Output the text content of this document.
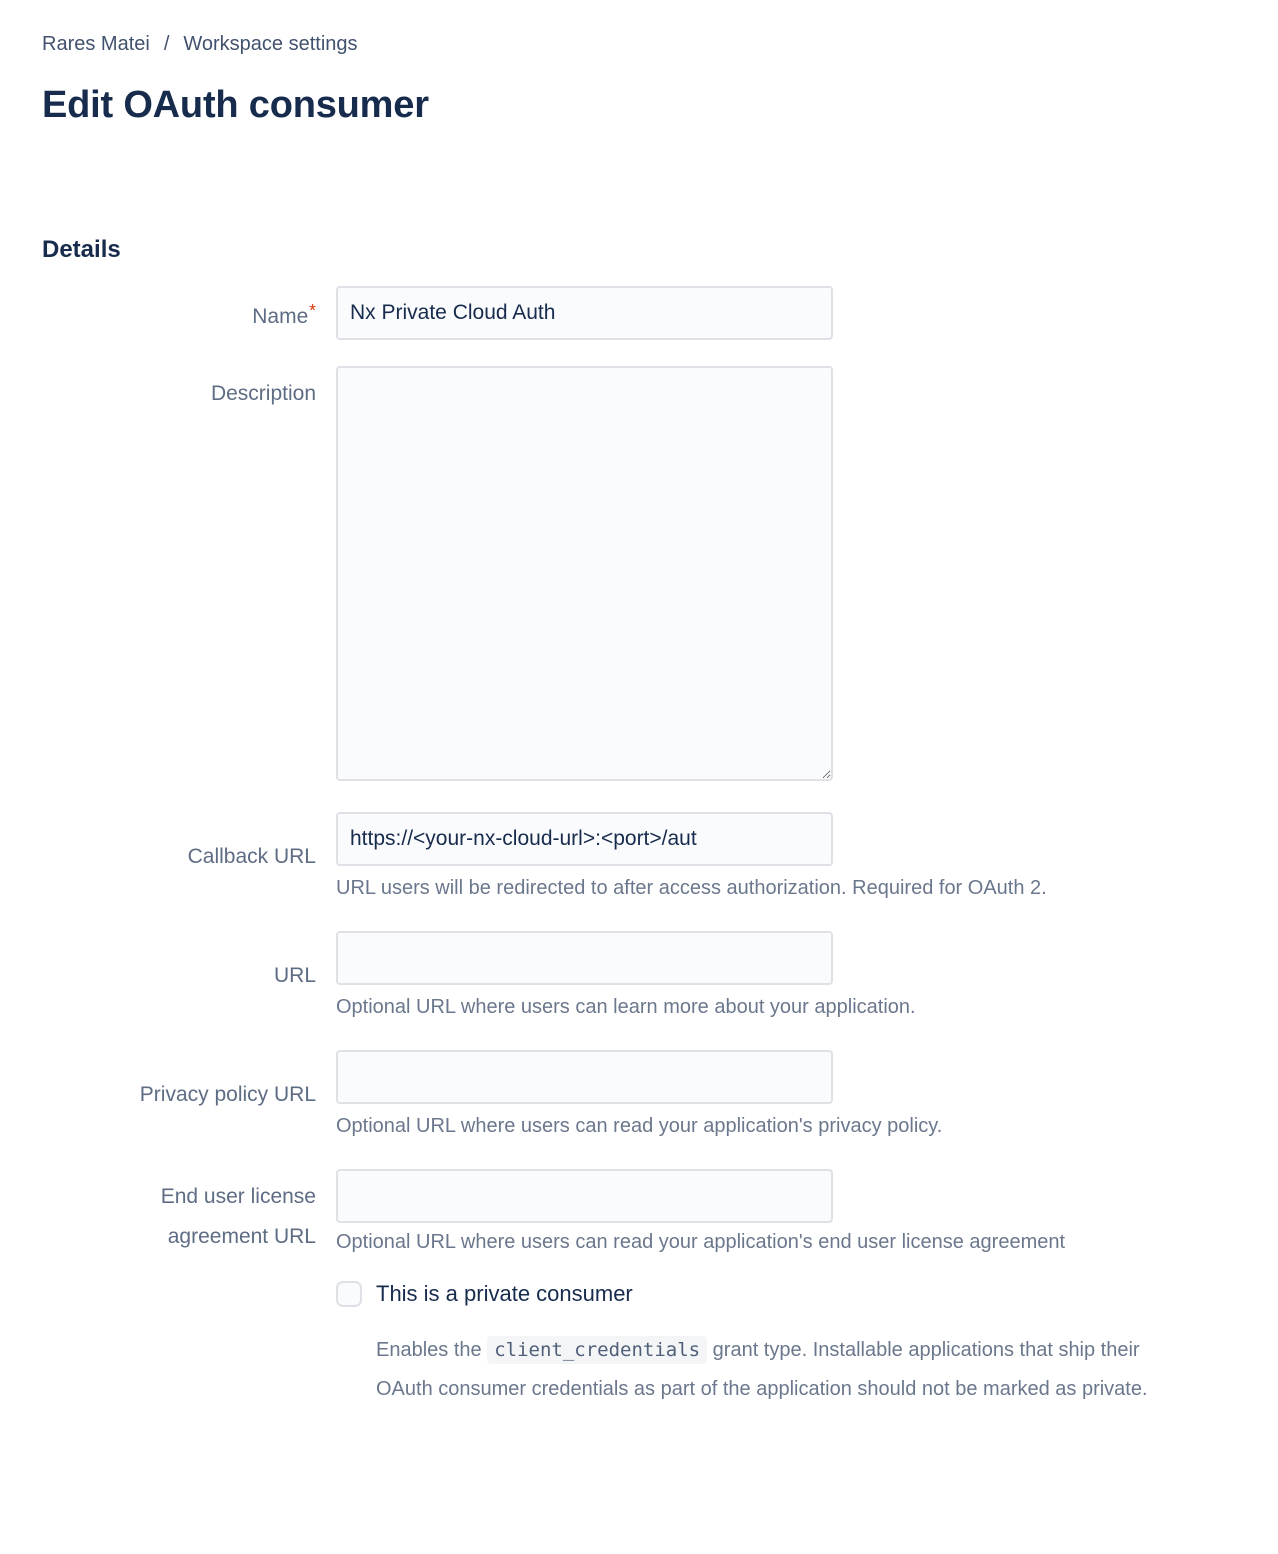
Rares Matei / Workspace settings
Edit OAuth consumer
Details
Name*
Nx Private Cloud Auth
Description
Callback URL
https://<your-nx-cloud-url>:<port>/aut
URL users will be redirected to after access authorization. Required for OAuth 2.
URL
Optional URL where users can learn more about your application.
Privacy policy URL
Optional URL where users can read your application's privacy policy.
End user license agreement URL Optional URL where users can read your application's end user license agreement
This is a private consumer
Enables the client_credentials grant type. Installable applications that ship their OAuth consumer credentials as part of the application should not be marked as private.
